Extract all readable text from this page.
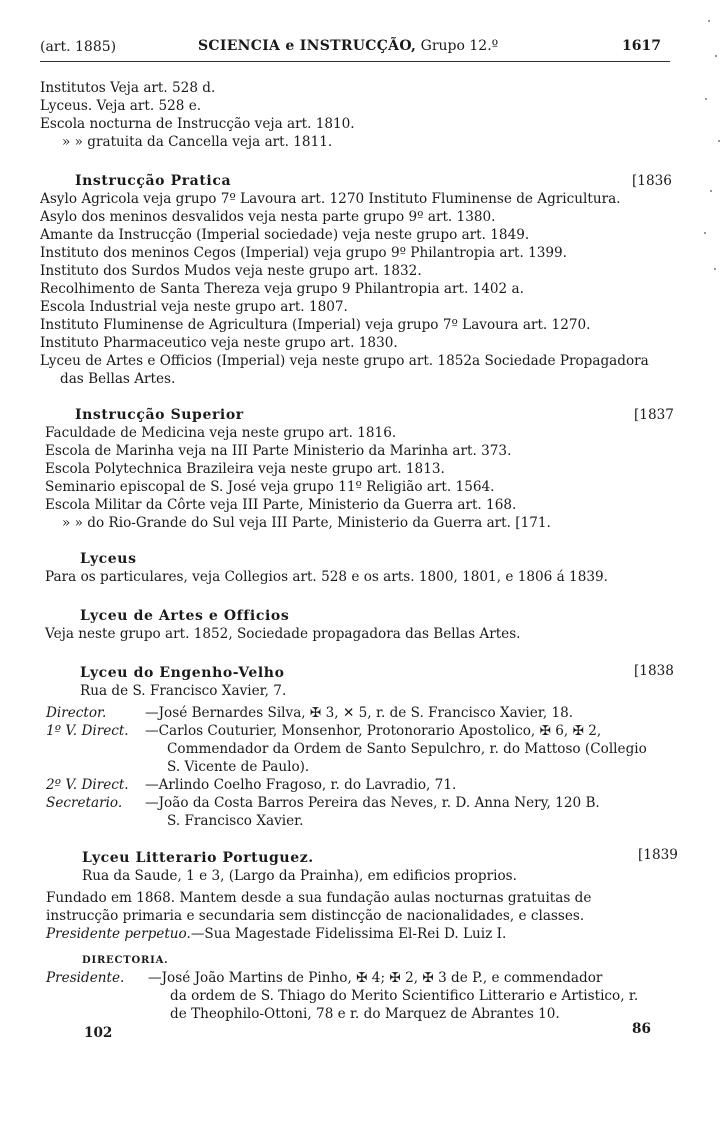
(art. 1885)	SCIENCIA e INSTRUCÇÃO, Grupo 12.º	1617
Institutos Veja art. 528 d.
Lyceus. Veja art. 528 e.
Escola nocturna de Instrucção veja art. 1810.
» » gratuita da Cancella veja art. 1811.
Instrucção Pratica	[1836
Asylo Agricola veja grupo 7º Lavoura art. 1270 Instituto Fluminense de Agricultura.
Asylo dos meninos desvalidos veja nesta parte grupo 9º art. 1380.
Amante da Instrucção (Imperial sociedade) veja neste grupo art. 1849.
Instituto dos meninos Cegos (Imperial) veja grupo 9º Philantropia art. 1399.
Instituto dos Surdos Mudos veja neste grupo art. 1832.
Recolhimento de Santa Thereza veja grupo 9 Philantropia art. 1402 a.
Escola Industrial veja neste grupo art. 1807.
Instituto Fluminense de Agricultura (Imperial) veja grupo 7º Lavoura art. 1270.
Instituto Pharmaceutico veja neste grupo art. 1830.
Lyceu de Artes e Officios (Imperial) veja neste grupo art. 1852a Sociedade Propagadora
das Bellas Artes.
Instrucção Superior	[1837
Faculdade de Medicina veja neste grupo art. 1816.
Escola de Marinha veja na III Parte Ministerio da Marinha art. 373.
Escola Polytechnica Brazileira veja neste grupo art. 1813.
Seminario episcopal de S. José veja grupo 11º Religião art. 1564.
Escola Militar da Côrte veja III Parte, Ministerio da Guerra art. 168.
» » do Rio-Grande do Sul veja III Parte, Ministerio da Guerra art. [171.
Lyceus
Para os particulares, veja Collegios art. 528 e os arts. 1800, 1801, e 1806 á 1839.
Lyceu de Artes e Officios
Veja neste grupo art. 1852, Sociedade propagadora das Bellas Artes.
Lyceu do Engenho-Velho	[1838
Rua de S. Francisco Xavier, 7.
Director.	—José Bernardes Silva, ✠ 3, ✕ 5, r. de S. Francisco Xavier, 18.
1º V. Direct. —Carlos Couturier, Monsenhor, Protonorario Apostolico, ✠ 6, ✠ 2,
Commendador da Ordem de Santo Sepulchro, r. do Mattoso (Collegio
S. Vicente de Paulo).
2º V. Direct. —Arlindo Coelho Fragoso, r. do Lavradio, 71.
Secretario. —João da Costa Barros Pereira das Neves, r. D. Anna Nery, 120 B.
S. Francisco Xavier.
Lyceu Litterario Portuguez.	[1839
Rua da Saude, 1 e 3, (Largo da Prainha), em edificios proprios.
Fundado em 1868. Mantem desde a sua fundação aulas nocturnas gratuitas de
instrucção primaria e secundaria sem distincção de nacionalidades, e classes.
Presidente perpetuo.—Sua Magestade Fidelissima El-Rei D. Luiz I.
DIRECTORIA.
Presidente. —José João Martins de Pinho, ✠ 4; ✠ 2, ✠ 3 de P., e commendador
da ordem de S. Thiago do Merito Scientifico Litterario e Artistico, r.
de Theophilo-Ottoni, 78 e r. do Marquez de Abrantes 10.
102	86
